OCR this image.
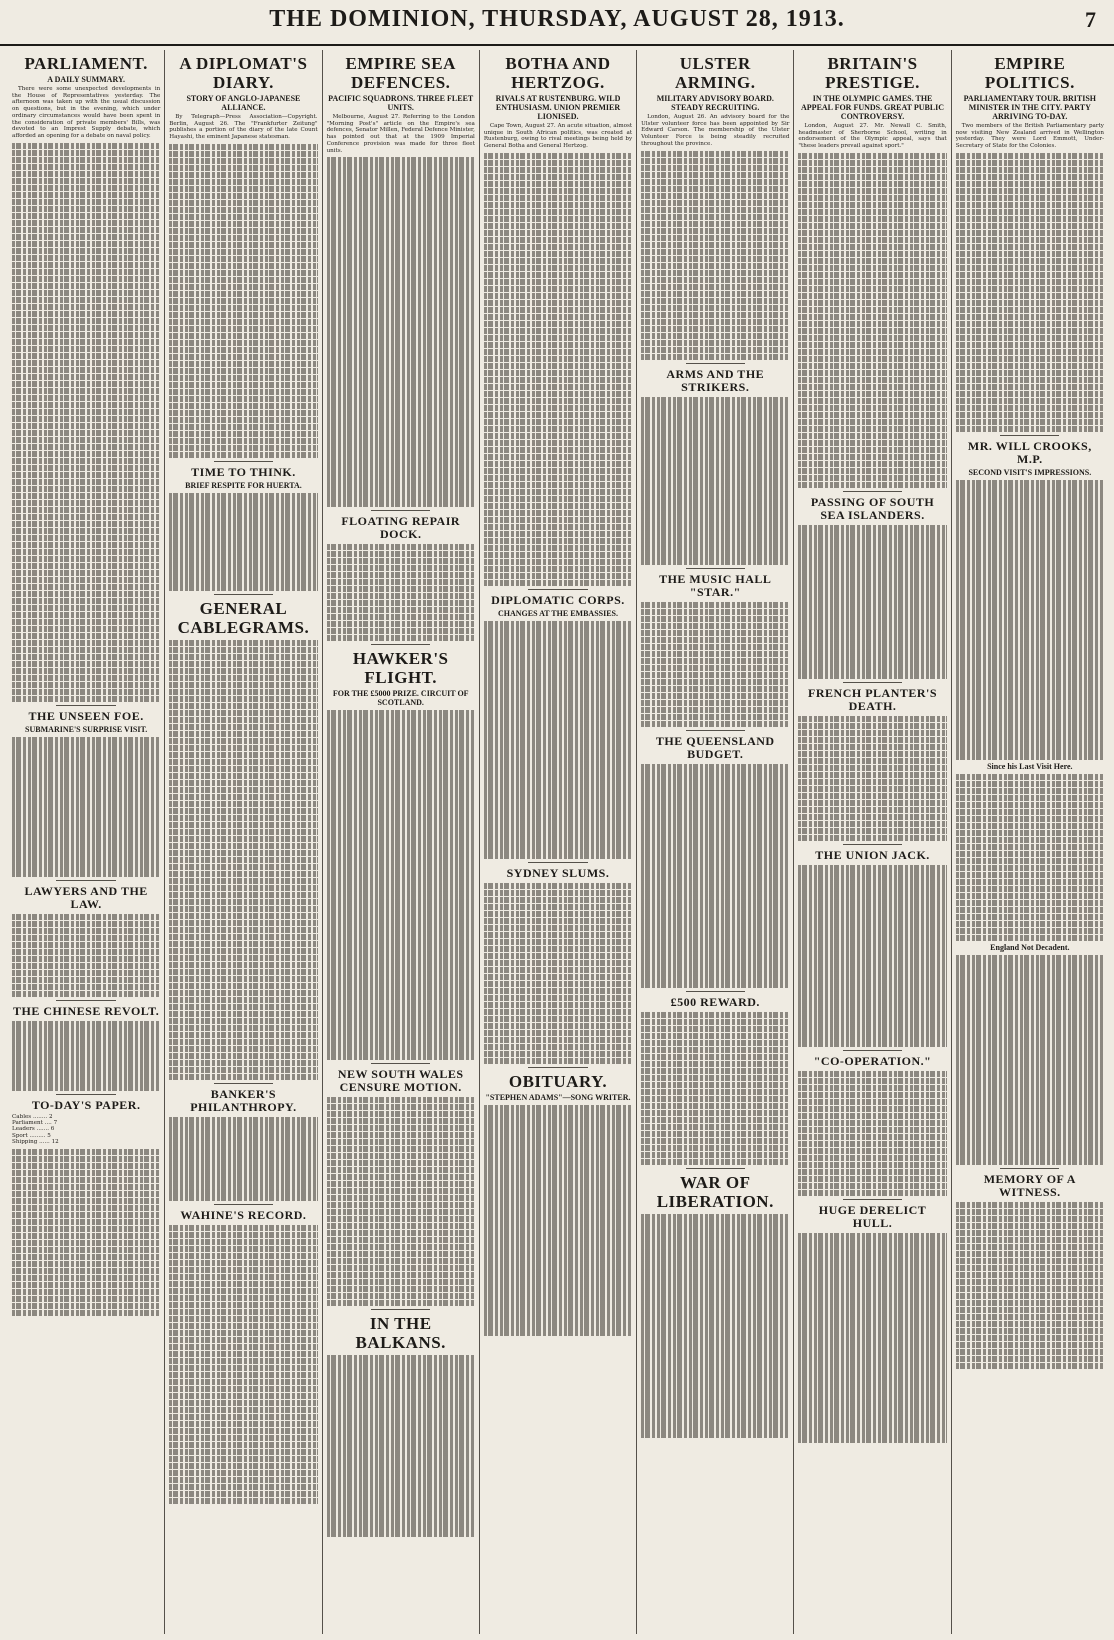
THE DOMINION, THURSDAY, AUGUST 28, 1913.	7
PARLIAMENT.
A DAILY SUMMARY.

There were some unexpected developments in the House of Representatives yesterday. The afternoon was taken up with the usual discussion on questions, but in the evening, which under ordinary circumstances would have been spent in the consideration of private members' Bills, was devoted to an Imprest Supply debate, which afforded an opening for a debate on naval policy.

THE UNSEEN FOE.
SUBMARINE'S SURPRISE VISIT.
LAWYERS AND THE LAW.
THE CHINESE REVOLT.
TO-DAY'S PAPER.
Cables ........ 2
Parliament .... 7
Leaders ....... 6
Sport ......... 5
Shipping ...... 12
A DIPLOMAT'S DIARY.
STORY OF ANGLO-JAPANESE ALLIANCE.

By Telegraph—Press Association—Copyright. Berlin, August 26. The "Frankfurter Zeitung" publishes a portion of the diary of the late Count Hayashi, the eminent Japanese statesman.

TIME TO THINK.
BRIEF RESPITE FOR HUERTA.
GENERAL CABLEGRAMS.
BANKER'S PHILANTHROPY.
WAHINE'S RECORD.
EMPIRE SEA DEFENCES.
PACIFIC SQUADRONS. THREE FLEET UNITS.

Melbourne, August 27. Referring to the London "Morning Post's" article on the Empire's sea defences, Senator Millen, Federal Defence Minister, has pointed out that at the 1909 Imperial Conference provision was made for three fleet units.

FLOATING REPAIR DOCK.
HAWKER'S FLIGHT.
FOR THE £5000 PRIZE. CIRCUIT OF SCOTLAND.
NEW SOUTH WALES CENSURE MOTION.
IN THE BALKANS.
BOTHA AND HERTZOG.
RIVALS AT RUSTENBURG. WILD ENTHUSIASM. UNION PREMIER LIONISED.

Cape Town, August 27. An acute situation, almost unique in South African politics, was created at Rustenburg, owing to rival meetings being held by General Botha and General Hertzog.

DIPLOMATIC CORPS.
CHANGES AT THE EMBASSIES.
SYDNEY SLUMS.
OBITUARY.
"STEPHEN ADAMS"—SONG WRITER.
ULSTER ARMING.
MILITARY ADVISORY BOARD. STEADY RECRUITING.

London, August 26. An advisory board for the Ulster volunteer force has been appointed by Sir Edward Carson. The membership of the Ulster Volunteer Force is being steadily recruited throughout the province.

ARMS AND THE STRIKERS.
THE MUSIC HALL "STAR."
THE QUEENSLAND BUDGET.
£500 REWARD.
WAR OF LIBERATION.
BRITAIN'S PRESTIGE.
IN THE OLYMPIC GAMES. THE APPEAL FOR FUNDS. GREAT PUBLIC CONTROVERSY.

London, August 27. Mr. Newall C. Smith, headmaster of Sherborne School, writing in endorsement of the Olympic appeal, says that "these leaders prevail against sport."

PASSING OF SOUTH SEA ISLANDERS.
FRENCH PLANTER'S DEATH.
THE UNION JACK.
"CO-OPERATION."
HUGE DERELICT HULL.
EMPIRE POLITICS.
PARLIAMENTARY TOUR. BRITISH MINISTER IN THE CITY. PARTY ARRIVING TO-DAY.

Two members of the British Parliamentary party now visiting New Zealand arrived in Wellington yesterday. They were Lord Emmott, Under-Secretary of State for the Colonies.

MR. WILL CROOKS, M.P.
SECOND VISIT'S IMPRESSIONS.
Since his Last Visit Here.
England Not Decadent.
MEMORY OF A WITNESS.
